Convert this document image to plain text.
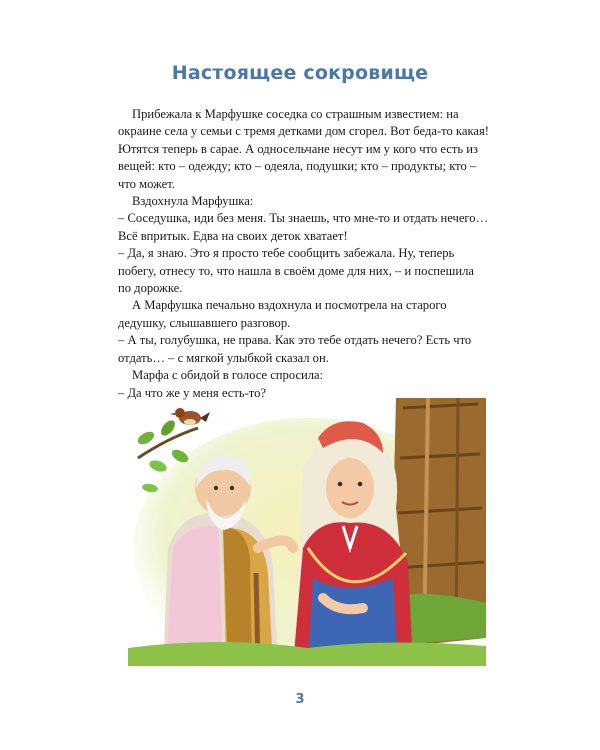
Настоящее сокровище

Прибежала к Марфушке соседка со страшным известием: на окраине села у семьи с тремя детками дом сгорел. Вот беда-то какая! Ютятся теперь в сарае. А односельчане несут им у кого что есть из вещей: кто – одежду; кто – одеяла, подушки; кто – продукты; кто – что может.

Вздохнула Марфушка:

– Соседушка, иди без меня. Ты знаешь, что мне-то и отдать нечего… Всё впритык. Едва на своих деток хватает!

– Да, я знаю. Это я просто тебе сообщить забежала. Ну, теперь побегу, отнесу то, что нашла в своём доме для них, – и поспешила по дорожке.

А Марфушка печально вздохнула и посмотрела на старого дедушку, слышавшего разговор.

– А ты, голубушка, не права. Как это тебе отдать нечего? Есть что отдать… – с мягкой улыбкой сказал он.

Марфа с обидой в голосе спросила:

– Да что же у меня есть-то?

3
